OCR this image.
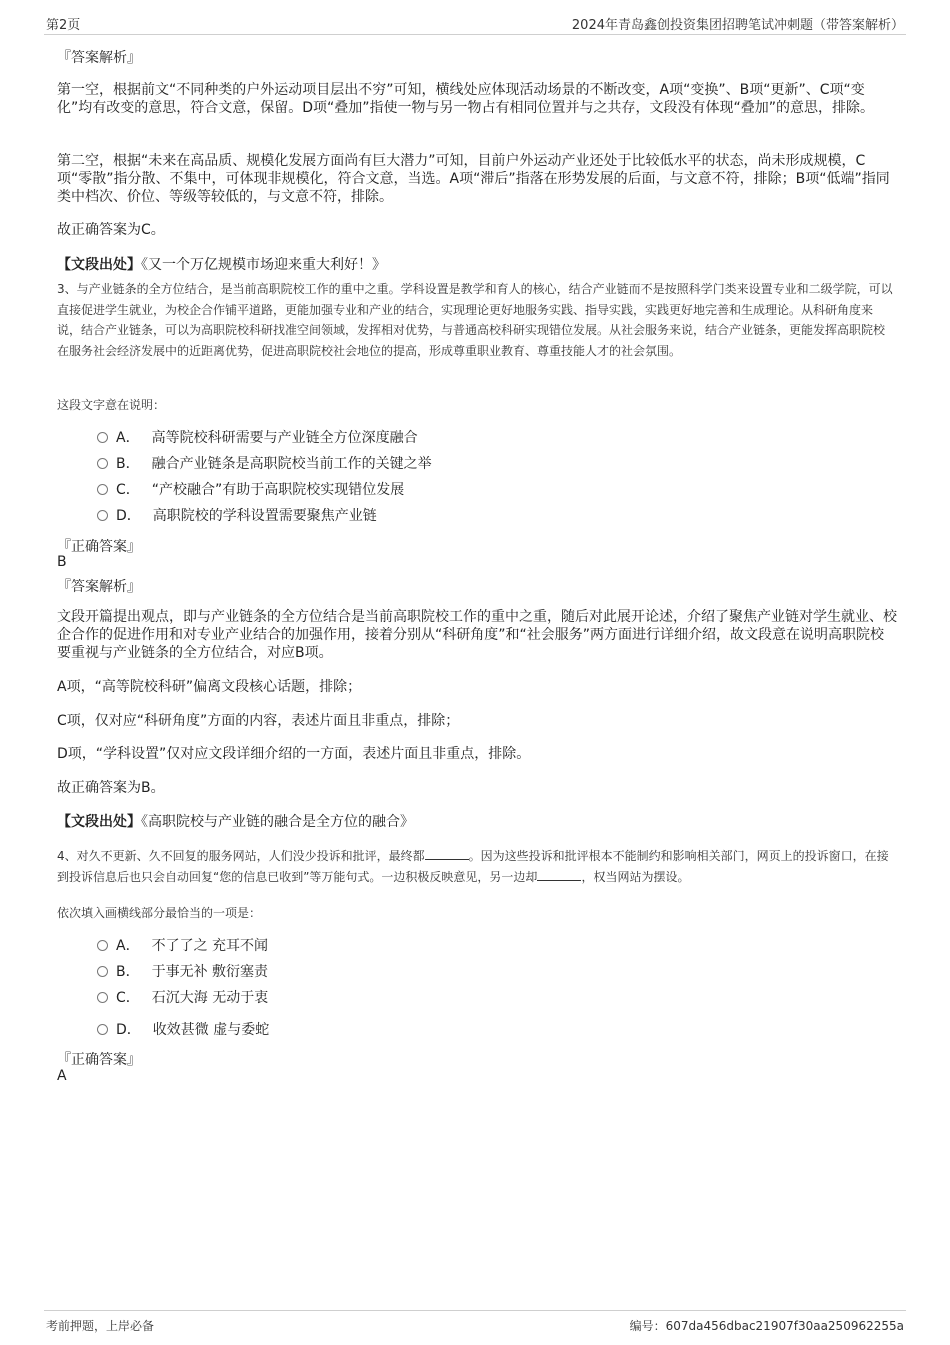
第2页	2024年青岛鑫创投资集团招聘笔试冲刺题（带答案解析）
『答案解析』
第一空，根据前文“不同种类的户外运动项目层出不穷”可知，横线处应体现活动场景的不断改变，A项“变换”、B项“更新”、C项“变化”均有改变的意思，符合文意，保留。D项“叠加”指使一物与另一物占有相同位置并与之共存，文段没有体现“叠加”的意思，排除。
第二空，根据“未来在高品质、规模化发展方面尚有巨大潜力”可知，目前户外运动产业还处于比较低水平的状态，尚未形成规模，C项“零散”指分散、不集中，可体现非规模化，符合文意，当选。A项“滞后”指落在形势发展的后面，与文意不符，排除；B项“低端”指同类中档次、价位、等级等较低的，与文意不符，排除。
故正确答案为C。
【文段出处】《又一个万亿规模市场迎来重大利好！》
3、与产业链条的全方位结合，是当前高职院校工作的重中之重。学科设置是教学和育人的核心，结合产业链而不是按照科学门类来设置专业和二级学院，可以直接促进学生就业，为校企合作铺平道路，更能加强专业和产业的结合，实现理论更好地服务实践、指导实践，实践更好地完善和生成理论。从科研角度来说，结合产业链条，可以为高职院校科研找准空间领域，发挥相对优势，与普通高校科研实现错位发展。从社会服务来说，结合产业链条，更能发挥高职院校在服务社会经济发展中的近距离优势，促进高职院校社会地位的提高，形成尊重职业教育、尊重技能人才的社会氛围。
这段文字意在说明：
A． 高等院校科研需要与产业链全方位深度融合
B． 融合产业链条是高职院校当前工作的关键之举
C． “产校融合”有助于高职院校实现错位发展
D． 高职院校的学科设置需要聚焦产业链
『正确答案』
B
『答案解析』
文段开篇提出观点，即与产业链条的全方位结合是当前高职院校工作的重中之重，随后对此展开论述，介绍了聚焦产业链对学生就业、校企合作的促进作用和对专业产业结合的加强作用，接着分别从“科研角度”和“社会服务”两方面进行详细介绍，故文段意在说明高职院校要重视与产业链条的全方位结合，对应B项。
A项，“高等院校科研”偏离文段核心话题，排除；
C项，仅对应“科研角度”方面的内容，表述片面且非重点，排除；
D项，“学科设置”仅对应文段详细介绍的一方面，表述片面且非重点，排除。
故正确答案为B。
【文段出处】《高职院校与产业链的融合是全方位的融合》
4、对久不更新、久不回复的服务网站，人们没少投诉和批评，最终都	。因为这些投诉和批评根本不能制约和影响相关部门，网页上的投诉窗口，在接到投诉信息后也只会自动回复“您的信息已收到”等万能句式。一边积极反映意见，另一边却	，权当网站为摆设。
依次填入画横线部分最恰当的一项是：
A． 不了了之 充耳不闻
B． 于事无补 敷衍塞责
C． 石沉大海 无动于衷
D． 收效甚微 虚与委蛇
『正确答案』
A
考前押题，上岸必备	编号：607da456dbac21907f30aa250962255a
